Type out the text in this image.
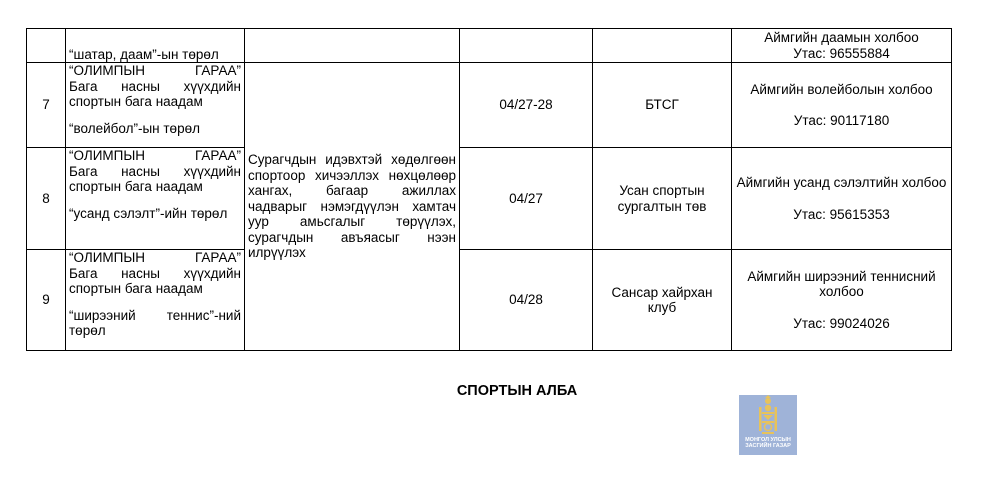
	“шатар, даам”-ын төрөл				Аймгийн даамын холбоо
Утас: 96555884

7	“ОЛИМПЫН ГАРАА”
Бага насны хүүхдийн спортын бага наадам
“волейбол”-ын төрөл	Сурагчдын идэвхтэй хөдөлгөөн спортоор хичээллэх нөхцөлөөр хангах, багаар ажиллах чадварыг нэмэгдүүлэн хамтач уур амьсгалыг төрүүлэх, сурагчдын авъяасыг нээн илрүүлэх	04/27-28	БТСГ	Аймгийн волейболын холбоо
Утас: 90117180

8	“ОЛИМПЫН ГАРАА”
Бага насны хүүхдийн спортын бага наадам
“усанд сэлэлт”-ийн төрөл		04/27	Усан спортын сургалтын төв	Аймгийн усанд сэлэлтийн холбоо
Утас: 95615353

9	“ОЛИМПЫН ГАРАА”
Бага насны хүүхдийн спортын бага наадам
“ширээний теннис”-ний төрөл		04/28	Сансар хайрхан клуб	Аймгийн ширээний теннисний холбоо
Утас: 99024026
СПОРТЫН АЛБА
МОНГОЛ УЛСЫН
ЗАСГИЙН ГАЗАР
